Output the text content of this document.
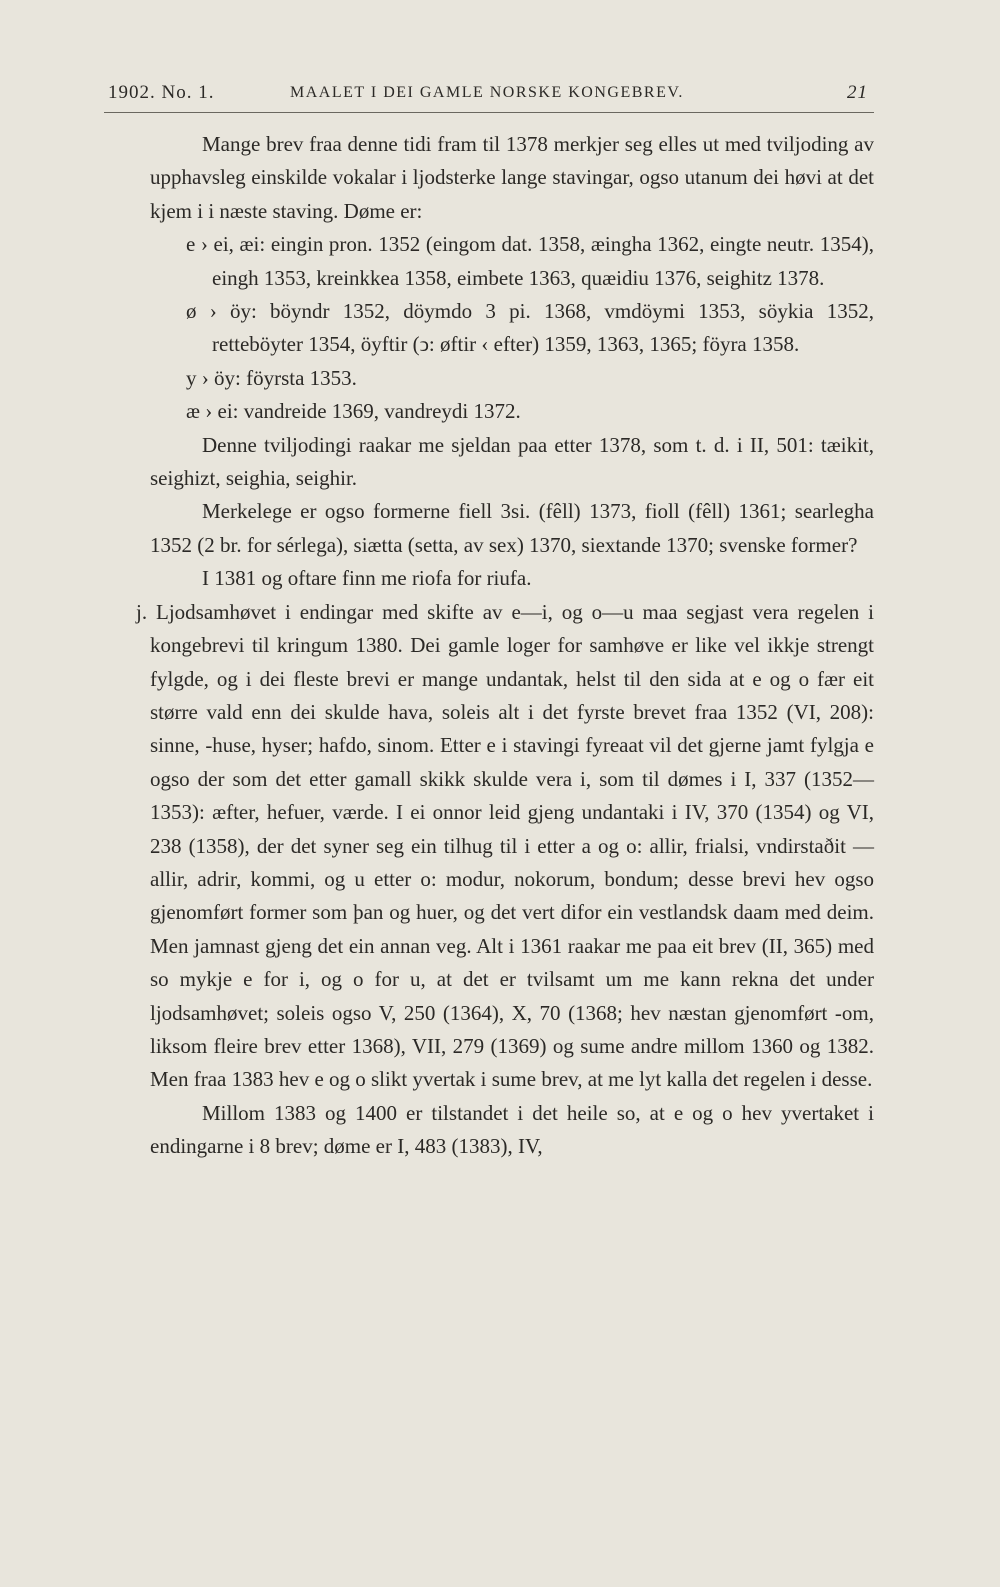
1902. No. 1.	MAALET I DEI GAMLE NORSKE KONGEBREV.	21

Mange brev fraa denne tidi fram til 1378 merkjer seg elles ut med tviljoding av upphavsleg einskilde vokalar i ljodsterke lange stavingar, ogso utanum dei høvi at det kjem i i næste staving. Døme er:

e › ei, æi: eingin pron. 1352 (eingom dat. 1358, æingha 1362, eingte neutr. 1354), eingh 1353, kreinkkea 1358, eimbete 1363, quæidiu 1376, seighitz 1378.

ø › öy: böyndr 1352, döymdo 3 pi. 1368, vmdöymi 1353, söykia 1352, retteböyter 1354, öyftir (ↄ: øftir ‹ efter) 1359, 1363, 1365; föyra 1358.

y › öy: föyrsta 1353.

æ › ei: vandreide 1369, vandreydi 1372.

Denne tviljodingi raakar me sjeldan paa etter 1378, som t. d. i II, 501: tæikit, seighizt, seighia, seighir.

Merkelege er ogso formerne fiell 3si. (fêll) 1373, fioll (fêll) 1361; searlegha 1352 (2 br. for sérlega), siætta (setta, av sex) 1370, siextande 1370; svenske former?

I 1381 og oftare finn me riofa for riufa.

j. Ljodsamhøvet i endingar med skifte av e—i, og o—u maa segjast vera regelen i kongebrevi til kringum 1380. Dei gamle loger for samhøve er like vel ikkje strengt fylgde, og i dei fleste brevi er mange undantak, helst til den sida at e og o fær eit større vald enn dei skulde hava, soleis alt i det fyrste brevet fraa 1352 (VI, 208): sinne, -huse, hyser; hafdo, sinom. Etter e i stavingi fyreaat vil det gjerne jamt fylgja e ogso der som det etter gamall skikk skulde vera i, som til dømes i I, 337 (1352—1353): æfter, hefuer, værde. I ei onnor leid gjeng undantaki i IV, 370 (1354) og VI, 238 (1358), der det syner seg ein tilhug til i etter a og o: allir, frialsi, vndirstaðit — allir, adrir, kommi, og u etter o: modur, nokorum, bondum; desse brevi hev ogso gjenomført former som þan og huer, og det vert difor ein vestlandsk daam med deim. Men jamnast gjeng det ein annan veg. Alt i 1361 raakar me paa eit brev (II, 365) med so mykje e for i, og o for u, at det er tvilsamt um me kann rekna det under ljodsamhøvet; soleis ogso V, 250 (1364), X, 70 (1368; hev næstan gjenomført -om, liksom fleire brev etter 1368), VII, 279 (1369) og sume andre millom 1360 og 1382. Men fraa 1383 hev e og o slikt yvertak i sume brev, at me lyt kalla det regelen i desse.

Millom 1383 og 1400 er tilstandet i det heile so, at e og o hev yvertaket i endingarne i 8 brev; døme er I, 483 (1383), IV,
